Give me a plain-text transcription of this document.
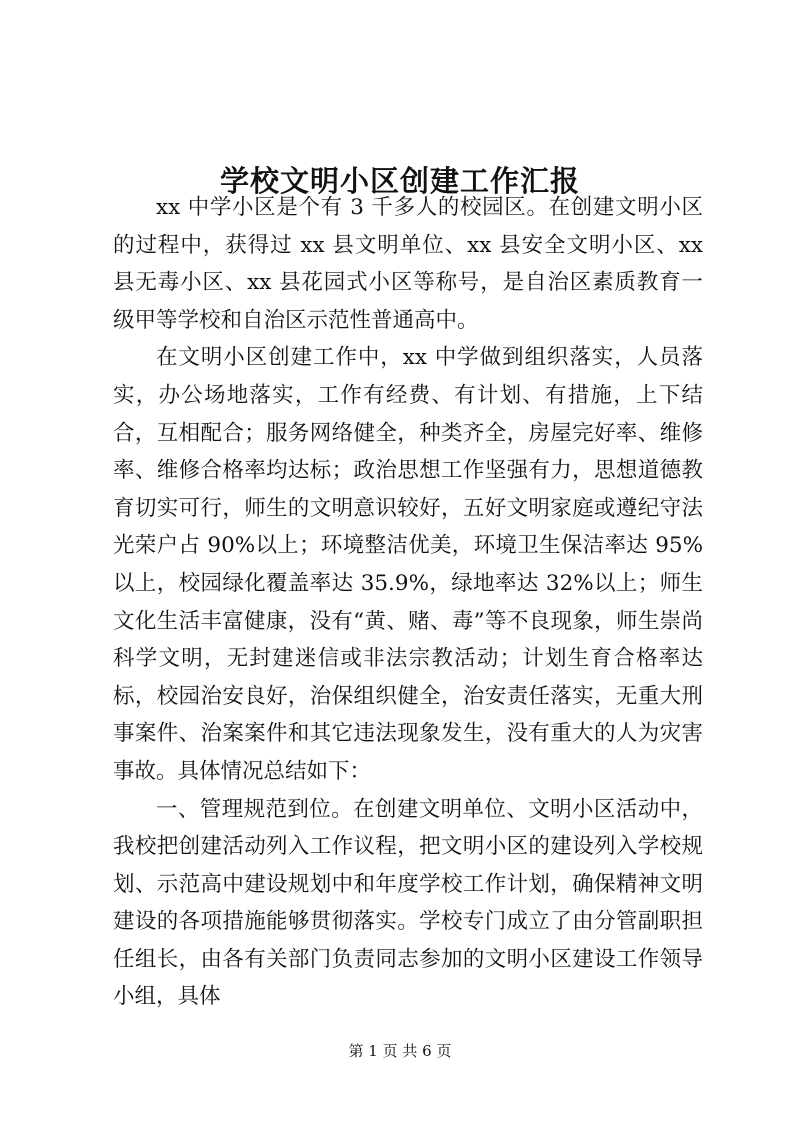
学校文明小区创建工作汇报

xx 中学小区是个有 3 千多人的校园区。在创建文明小区的过程中，获得过 xx 县文明单位、xx 县安全文明小区、xx 县无毒小区、xx 县花园式小区等称号，是自治区素质教育一级甲等学校和自治区示范性普通高中。

在文明小区创建工作中，xx 中学做到组织落实，人员落实，办公场地落实，工作有经费、有计划、有措施，上下结合，互相配合；服务网络健全，种类齐全，房屋完好率、维修率、维修合格率均达标；政治思想工作坚强有力，思想道德教育切实可行，师生的文明意识较好，五好文明家庭或遵纪守法光荣户占 90%以上；环境整洁优美，环境卫生保洁率达 95%以上，校园绿化覆盖率达 35.9%，绿地率达 32%以上；师生文化生活丰富健康，没有“黄、赌、毒”等不良现象，师生崇尚科学文明，无封建迷信或非法宗教活动；计划生育合格率达标，校园治安良好，治保组织健全，治安责任落实，无重大刑事案件、治案案件和其它违法现象发生，没有重大的人为灾害事故。具体情况总结如下：

一、管理规范到位。在创建文明单位、文明小区活动中，我校把创建活动列入工作议程，把文明小区的建设列入学校规划、示范高中建设规划中和年度学校工作计划，确保精神文明建设的各项措施能够贯彻落实。学校专门成立了由分管副职担任组长，由各有关部门负责同志参加的文明小区建设工作领导小组，具体

第 1 页 共 6 页
